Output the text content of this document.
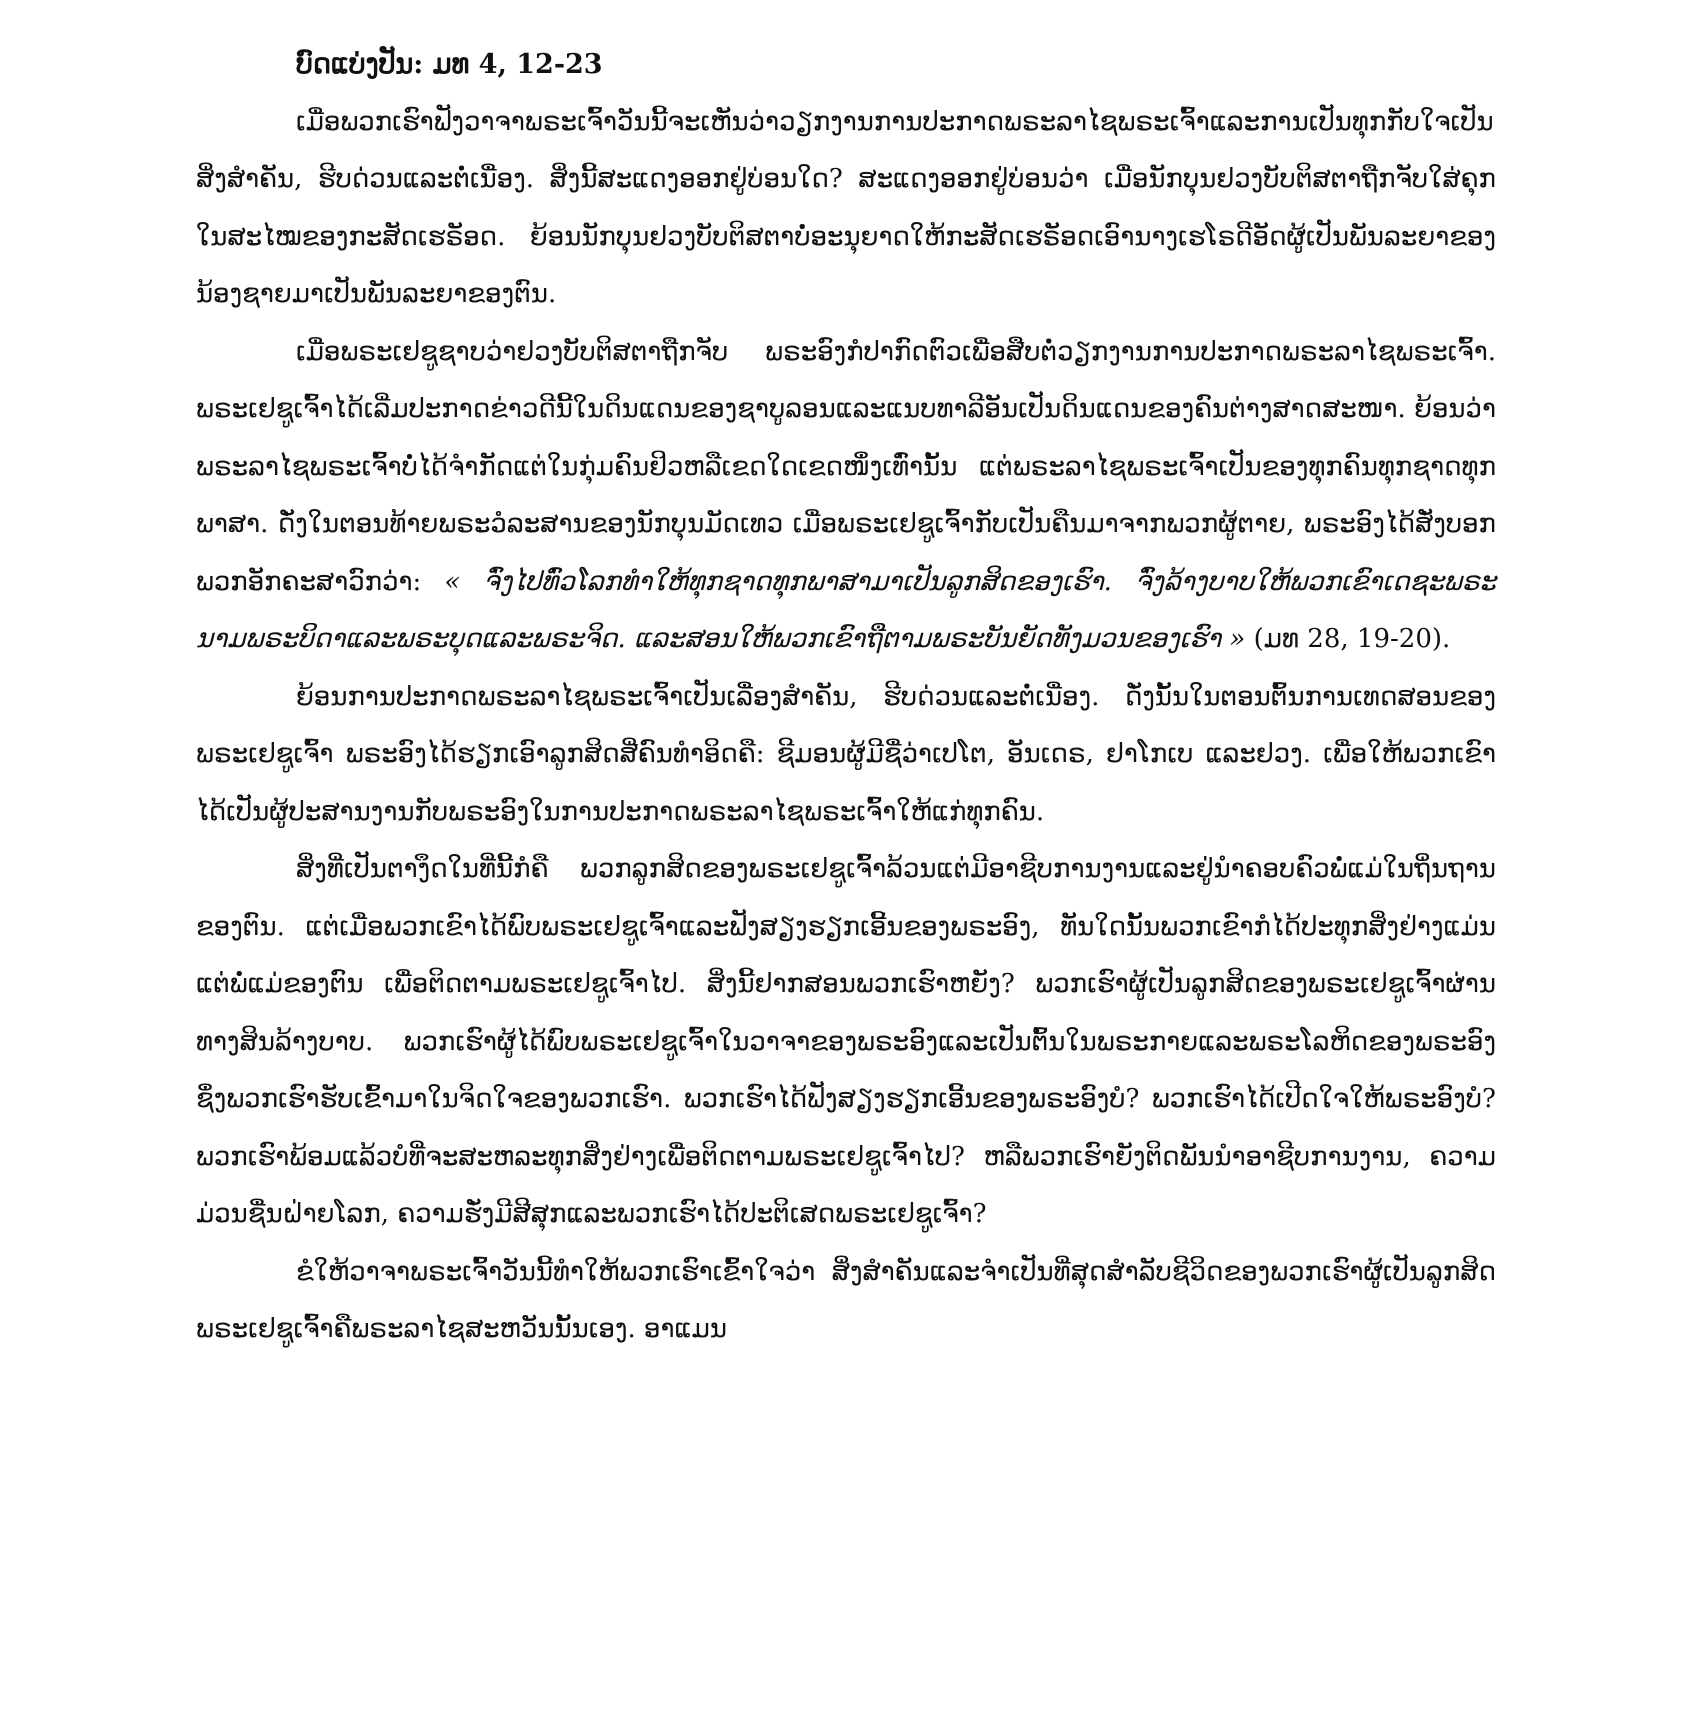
ບົດແບ່ງປັນ: ມທ 4, 12-23

ເມື່ອພວກເຮົາຟັງວາຈາພຣະເຈົ້າວັນນີ້ຈະເຫັນວ່າວຽກງານການປະກາດພຣະລາໄຊພຣະເຈົ້າແລະການເປັນທຸກກັບໃຈເປັນສິ່ງສຳຄັນ, ຮີບດ່ວນແລະຕໍ່ເນື່ອງ. ສິ່ງນີ້ສະແດງອອກຢູ່ບ່ອນໃດ? ສະແດງອອກຢູ່ບ່ອນວ່າ ເມື່ອນັກບຸນຢວງບັບຕິສຕາຖືກຈັບໃສ່ຄຸກໃນສະໄໝຂອງກະສັດເຮຣັອດ. ຍ້ອນນັກບຸນຢວງບັບຕິສຕາບໍ່ອະນຸຍາດໃຫ້ກະສັດເຮຣັອດເອົານາງເຮໂຣດີອັດຜູ້ເປັນພັນລະຍາຂອງນ້ອງຊາຍມາເປັນພັນລະຍາຂອງຕົນ.

ເມື່ອພຣະເຢຊູຊາບວ່າຢວງບັບຕິສຕາຖືກຈັບ ພຣະອົງກໍປາກົດຕົວເພື່ອສືບຕໍ່ວຽກງານການປະກາດພຣະລາໄຊພຣະເຈົ້າ. ພຣະເຢຊູເຈົ້າໄດ້ເລີ່ມປະກາດຂ່າວດີນີ້ໃນດິນແດນຂອງຊາບູລອນແລະແນບທາລີອັນເປັນດິນແດນຂອງຄົນຕ່າງສາດສະໜາ. ຍ້ອນວ່າພຣະລາໄຊພຣະເຈົ້າບໍ່ໄດ້ຈຳກັດແຕ່ໃນກຸ່ມຄົນຢິວຫລືເຂດໃດເຂດໜຶ່ງເທົ່ານັ້ນ ແຕ່ພຣະລາໄຊພຣະເຈົ້າເປັນຂອງທຸກຄົນທຸກຊາດທຸກພາສາ. ດັ່ງໃນຕອນທ້າຍພຣະວໍລະສານຂອງນັກບຸນມັດເທວ ເມື່ອພຣະເຢຊູເຈົ້າກັບເປັນຄືນມາຈາກພວກຜູ້ຕາຍ, ພຣະອົງໄດ້ສັ່ງບອກພວກອັກຄະສາວົກວ່າ: « ຈົ່ງໄປທົ່ວໂລກທຳໃຫ້ທຸກຊາດທຸກພາສາມາເປັນລູກສິດຂອງເຮົາ. ຈົ່ງລ້າງບາບໃຫ້ພວກເຂົາເດຊະພຣະນາມພຣະບິດາແລະພຣະບຸດແລະພຣະຈິດ. ແລະສອນໃຫ້ພວກເຂົາຖືຕາມພຣະບັນຍັດທັງມວນຂອງເຮົາ » (ມທ 28, 19-20).

ຍ້ອນການປະກາດພຣະລາໄຊພຣະເຈົ້າເປັນເລື່ອງສຳຄັນ, ຮີບດ່ວນແລະຕໍ່ເນື່ອງ. ດັ່ງນັ້ນໃນຕອນຕົ້ນການເທດສອນຂອງພຣະເຢຊູເຈົ້າ ພຣະອົງໄດ້ຮຽກເອົາລູກສິດສີ່ຄົນທຳອິດຄື: ຊີມອນຜູ້ມີຊື່ວ່າເປໂຕ, ອັນເດຣ, ຢາໂກເບ ແລະຢວງ. ເພື່ອໃຫ້ພວກເຂົາໄດ້ເປັນຜູ້ປະສານງານກັບພຣະອົງໃນການປະກາດພຣະລາໄຊພຣະເຈົ້າໃຫ້ແກ່ທຸກຄົນ.

ສິ່ງທີ່ເປັນຕາງຶດໃນທີ່ນີ້ກໍຄື ພວກລູກສິດຂອງພຣະເຢຊູເຈົ້າລ້ວນແຕ່ມີອາຊີບການງານແລະຢູ່ນຳຄອບຄົວພໍ່ແມ່ໃນຖິ່ນຖານຂອງຕົນ. ແຕ່ເມື່ອພວກເຂົາໄດ້ພົບພຣະເຢຊູເຈົ້າແລະຟັງສຽງຮຽກເອີ້ນຂອງພຣະອົງ, ທັນໃດນັ້ນພວກເຂົາກໍໄດ້ປະທຸກສິ່ງຢ່າງແມ່ນແຕ່ພໍ່ແມ່ຂອງຕົນ ເພື່ອຕິດຕາມພຣະເຢຊູເຈົ້າໄປ. ສິ່ງນີ້ຢາກສອນພວກເຮົາຫຍັງ? ພວກເຮົາຜູ້ເປັນລູກສິດຂອງພຣະເຢຊູເຈົ້າຜ່ານທາງສິນລ້າງບາບ. ພວກເຮົາຜູ້ໄດ້ພົບພຣະເຢຊູເຈົ້າໃນວາຈາຂອງພຣະອົງແລະເປັນຕົ້ນໃນພຣະກາຍແລະພຣະໂລຫິດຂອງພຣະອົງຊຶ່ງພວກເຮົາຮັບເຂົ້າມາໃນຈິດໃຈຂອງພວກເຮົາ. ພວກເຮົາໄດ້ຟັງສຽງຮຽກເອີ້ນຂອງພຣະອົງບໍ? ພວກເຮົາໄດ້ເປີດໃຈໃຫ້ພຣະອົງບໍ? ພວກເຮົາພ້ອມແລ້ວບໍທີ່ຈະສະຫລະທຸກສິ່ງຢ່າງເພື່ອຕິດຕາມພຣະເຢຊູເຈົ້າໄປ? ຫລືພວກເຮົາຍັງຕິດພັນນຳອາຊີບການງານ, ຄວາມມ່ວນຊື່ນຝ່າຍໂລກ, ຄວາມຮັ່ງມີສີສຸກແລະພວກເຮົາໄດ້ປະຕິເສດພຣະເຢຊູເຈົ້າ?

ຂໍໃຫ້ວາຈາພຣະເຈົ້າວັນນີ້ທຳໃຫ້ພວກເຮົາເຂົ້າໃຈວ່າ ສິ່ງສຳຄັນແລະຈຳເປັນທີ່ສຸດສຳລັບຊີວິດຂອງພວກເຮົາຜູ້ເປັນລູກສິດພຣະເຢຊູເຈົ້າຄືພຣະລາໄຊສະຫວັນນັ້ນເອງ. ອາແມນ
